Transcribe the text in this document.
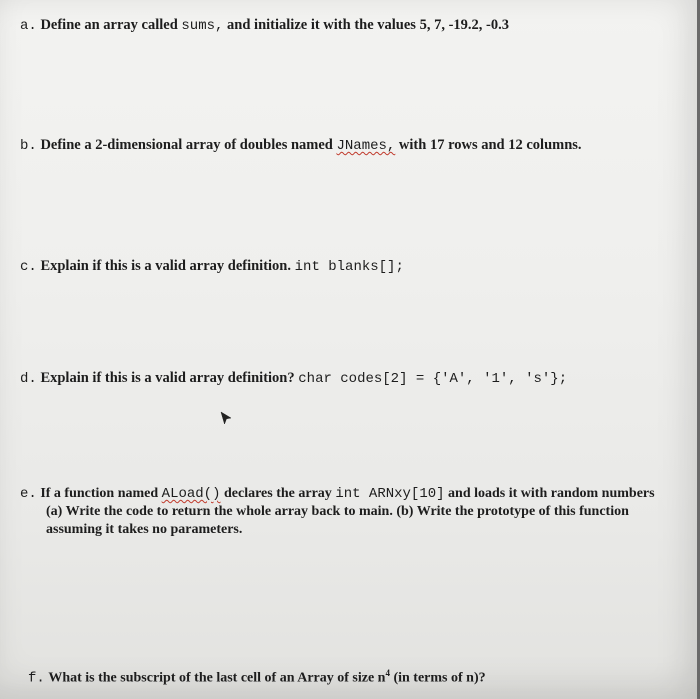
a. Define an array called sums, and initialize it with the values 5, 7, -19.2, -0.3
b. Define a 2-dimensional array of doubles named JNames, with 17 rows and 12 columns.
c. Explain if this is a valid array definition. int blanks[];
d. Explain if this is a valid array definition? char codes[2] = {'A', '1', 's'};
e. If a function named ALoad() declares the array int ARNxy[10] and loads it with random numbers
(a) Write the code to return the whole array back to main. (b) Write the prototype of this function
assuming it takes no parameters.
f. What is the subscript of the last cell of an Array of size $n^4$ (in terms of n)?
